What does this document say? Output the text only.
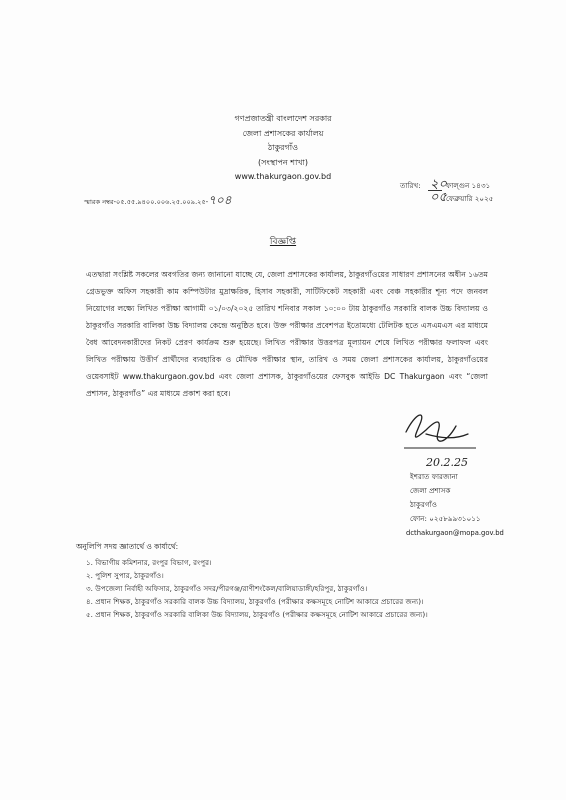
গণপ্রজাতন্ত্রী বাংলাদেশ সরকার
জেলা প্রশাসকের কার্যালয়
ঠাকুরগাঁও
(সংস্থাপন শাখা)
www.thakurgaon.gov.bd
স্মারক নম্বর-০৫.৫৫.৯৪০০.০০৬.২৫.০০৯.২৫-৭০৪
তারিখ: ২০ ফাল্গুন ১৪৩১
০৫ ফেব্রুয়ারি ২০২৫
বিজ্ঞপ্তি
এতদ্বারা সংশ্লিষ্ট সকলের অবগতির জন্য জানানো যাচ্ছে যে, জেলা প্রশাসকের কার্যালয়, ঠাকুরগাঁওয়ের সাধারণ প্রশাসনের অধীন ১৬তম গ্রেডভুক্ত অফিস সহকারী কাম কম্পিউটার মুদ্রাক্ষরিক, হিসাব সহকারী, সার্টিফিকেট সহকারী এবং বেঞ্চ সহকারীর শূন্য পদে জনবল নিয়োগের লক্ষ্যে লিখিত পরীক্ষা আগামী ০১/০৩/২০২৫ তারিখ শনিবার সকাল ১০:০০ টায় ঠাকুরগাঁও সরকারি বালক উচ্চ বিদ্যালয় ও ঠাকুরগাঁও সরকারি বালিকা উচ্চ বিদ্যালয় কেন্দ্রে অনুষ্ঠিত হবে। উক্ত পরীক্ষার প্রবেশপত্র ইতোমধ্যে টেলিটক হতে এসএমএস এর মাধ্যমে বৈধ আবেদনকারীদের নিকট প্রেরণ কার্যক্রম শুরু হয়েছে। লিখিত পরীক্ষার উত্তরপত্র মূল্যায়ন শেষে লিখিত পরীক্ষার ফলাফল এবং লিখিত পরীক্ষায় উত্তীর্ণ প্রার্থীদের ব্যবহারিক ও মৌখিক পরীক্ষার স্থান, তারিখ ও সময় জেলা প্রশাসকের কার্যালয়, ঠাকুরগাঁওয়ের ওয়েবসাইট www.thakurgaon.gov.bd এবং জেলা প্রশাসক, ঠাকুরগাঁওয়ের ফেসবুক আইডি DC Thakurgaon এবং “জেলা প্রশাসন, ঠাকুরগাঁও” এর মাধ্যমে প্রকাশ করা হবে।
20.2.25
ইশরাত ফারজানা
জেলা প্রশাসক
ঠাকুরগাঁও
ফোন: ০২৫৮৯৯৩১০১১
dcthakurgaon@mopa.gov.bd
অনুলিপি সদয় জ্ঞাতার্থে ও কার্যার্থে:
১. বিভাগীয় কমিশনার, রংপুর বিভাগ, রংপুর।
২. পুলিশ সুপার, ঠাকুরগাঁও।
৩. উপজেলা নির্বাহী অফিসার, ঠাকুরগাঁও সদর/পীরগঞ্জ/রাণীশংকৈল/বালিয়াডাঙ্গী/হরিপুর, ঠাকুরগাঁও।
৪. প্রধান শিক্ষক, ঠাকুরগাঁও সরকারি বালক উচ্চ বিদ্যালয়, ঠাকুরগাঁও (পরীক্ষার কক্ষসমূহে নোটিশ আকারে প্রচারের জন্য)।
৫. প্রধান শিক্ষক, ঠাকুরগাঁও সরকারি বালিকা উচ্চ বিদ্যালয়, ঠাকুরগাঁও (পরীক্ষার কক্ষসমূহে নোটিশ আকারে প্রচারের জন্য)।
